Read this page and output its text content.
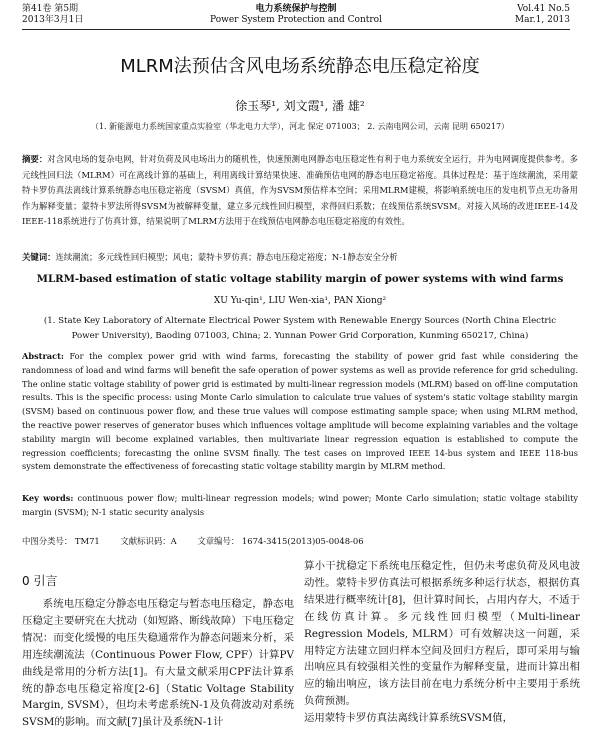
第41卷 第5期
2013年3月1日
电力系统保护与控制
Power System Protection and Control
Vol.41 No.5
Mar.1, 2013
MLRM法预估含风电场系统静态电压稳定裕度
徐玉琴¹, 刘文霞¹, 潘 雄²
（1. 新能源电力系统国家重点实验室（华北电力大学），河北 保定 071003； 2. 云南电网公司，云南 昆明 650217）
摘要：对含风电场的复杂电网，针对负荷及风电场出力的随机性，快速预测电网静态电压稳定性有利于电力系统安全运行，并为电网调度提供参考。多元线性回归法（MLRM）可在离线计算的基础上，利用离线计算结果快速、准确预估电网的静态电压稳定裕度。具体过程是：基于连续潮流，采用蒙特卡罗仿真法离线计算系统静态电压稳定裕度（SVSM）真值，作为SVSM预估样本空间；采用MLRM建模，将影响系统电压的发电机节点无功备用作为解释变量；蒙特卡罗法所得SVSM为被解释变量，建立多元线性回归模型，求得回归系数；在线预估系统SVSM。对接入风场的改进IEEE-14及IEEE-118系统进行了仿真计算，结果说明了MLRM方法用于在线预估电网静态电压稳定裕度的有效性。
关键词：连续潮流；多元线性回归模型；风电；蒙特卡罗仿真；静态电压稳定裕度；N-1静态安全分析
MLRM-based estimation of static voltage stability margin of power systems with wind farms
XU Yu-qin¹, LIU Wen-xia¹, PAN Xiong²
(1. State Key Laboratory of Alternate Electrical Power System with Renewable Energy Sources (North China Electric Power University), Baoding 071003, China; 2. Yunnan Power Grid Corporation, Kunming 650217, China)
Abstract: For the complex power grid with wind farms, forecasting the stability of power grid fast while considering the randomness of load and wind farms will benefit the safe operation of power systems as well as provide reference for grid scheduling. The online static voltage stability of power grid is estimated by multi-linear regression models (MLRM) based on off-line computation results. This is the specific process: using Monte Carlo simulation to calculate true values of system's static voltage stability margin (SVSM) based on continuous power flow, and these true values will compose estimating sample space; when using MLRM method, the reactive power reserves of generator buses which influences voltage amplitude will become explaining variables and the voltage stability margin will become explained variables, then multivariate linear regression equation is established to compute the regression coefficients; forecasting the online SVSM finally. The test cases on improved IEEE 14-bus system and IEEE 118-bus system demonstrate the effectiveness of forecasting static voltage stability margin by MLRM method.
Key words: continuous power flow; multi-linear regression models; wind power; Monte Carlo simulation; static voltage stability margin (SVSM); N-1 static security analysis
中图分类号： TM71 文献标识码：A 文章编号： 1674-3415(2013)05-0048-06
0 引言
系统电压稳定分静态电压稳定与暂态电压稳定，静态电压稳定主要研究在大扰动（如短路、断线故障）下电压稳定情况：而变化缓慢的电压失稳通常作为静态问题来分析，采用连续潮流法（Continuous Power Flow, CPF）计算PV曲线是常用的分析方法[1]。有大量文献采用CPF法计算系统的静态电压稳定裕度[2-6]（Static Voltage Stability Margin, SVSM），但均未考虑系统N-1及负荷波动对系统SVSM的影响。而文献[7]虽计及系统N-1计
算小干扰稳定下系统电压稳定性，但仍未考虑负荷及风电波动性。蒙特卡罗仿真法可根据系统多种运行状态，根据仿真结果进行概率统计[8]，但计算时间长，占用内存大，不适于在线仿真计算。多元线性回归模型（Multi-linear Regression Models, MLRM）可有效解决这一问题，采用特定方法建立回归样本空间及回归方程后，即可采用与输出响应具有较强相关性的变量作为解释变量，进而计算出相应的输出响应，该方法目前在电力系统分析中主要用于系统负荷预测。
运用蒙特卡罗仿真法离线计算系统SVSM值，
